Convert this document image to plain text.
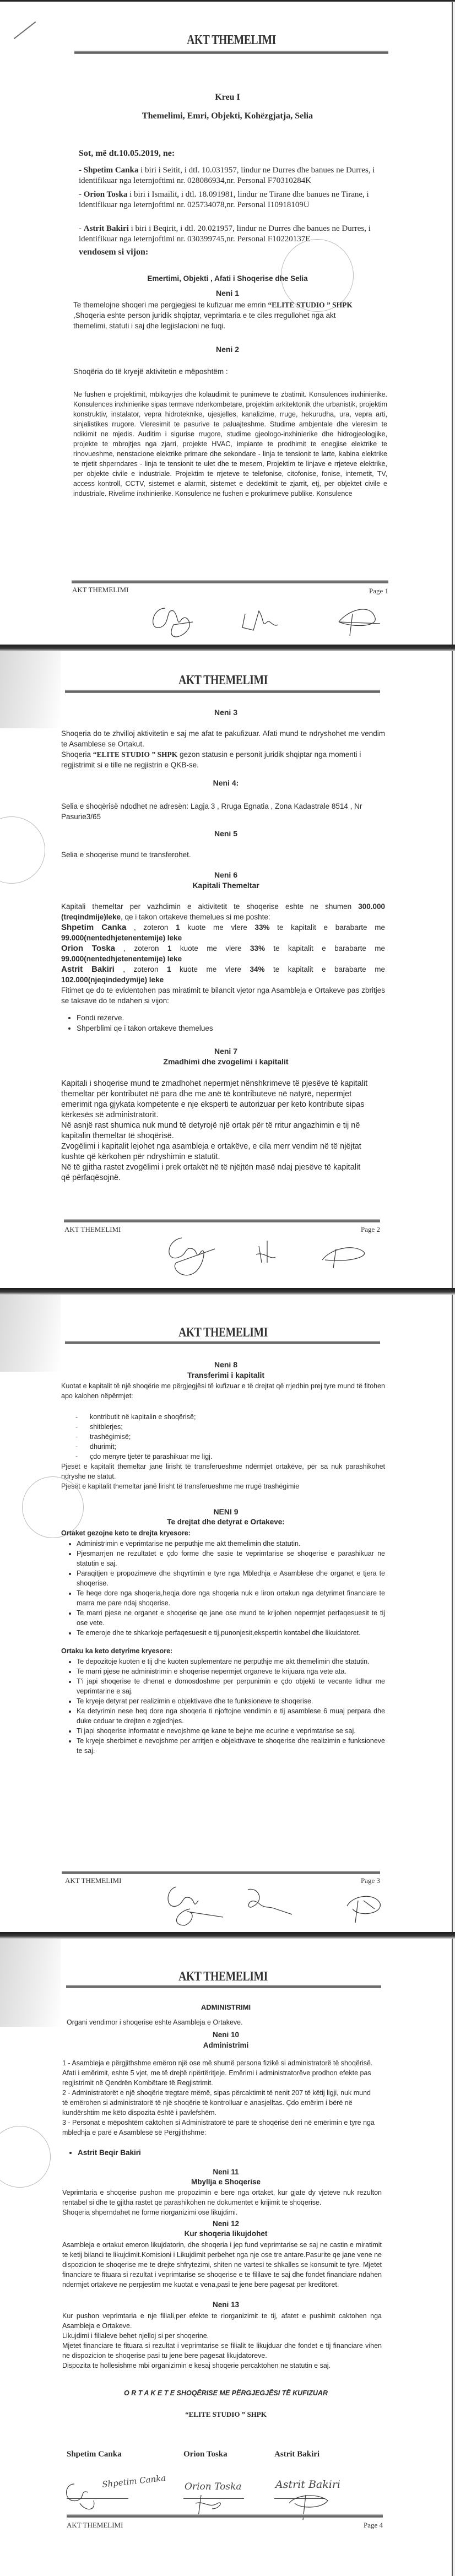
AKT THEMELIMI
Kreu I
Themelimi, Emri, Objekti, Kohëzgjatja, Selia
Sot, më dt.10.05.2019, ne:
- Shpetim Canka i biri i Seitit, i dtl. 10.031957, lindur ne Durres dhe banues ne Durres, i identifikuar nga leternjoftimi nr. 028086934,nr. Personal F70310284K
- Orion Toska i biri i Ismailit, i dtl. 18.091981, lindur ne Tirane dhe banues ne Tirane, i identifikuar nga leternjoftimi nr. 025734078,nr. Personal I10918109U
- Astrit Bakiri i biri i Beqirit, i dtl. 20.021957, lindur ne Durres dhe banues ne Durres, i identifikuar nga leternjoftimi nr. 030399745,nr. Personal F10220137E
vendosem si vijon:
Emertimi, Objekti , Afati i Shoqerise dhe Selia
Neni 1
Te themelojne shoqeri me pergjegjesi te kufizuar me emrin “ELITE STUDIO ” SHPK ,Shoqeria eshte person juridik shqiptar, veprimtaria e te ciles rregullohet nga akt themelimi, statuti i saj dhe legjislacioni ne fuqi.
Neni 2
Shoqëria do të kryejë aktivitetin e mëposhtëm :
Ne fushen e projektimit, mbikqyrjes dhe kolaudimit te punimeve te zbatimit. Konsulences inxhinierike. Konsulences inxhinierike sipas termave nderkombetare, projektim arkitektonik dhe urbanistik, projektim konstruktiv, instalator, vepra hidroteknike, ujesjelles, kanalizime, rruge, hekurudha, ura, vepra arti, sinjalistikes rrugore. Vleresimit te pasurive te paluajteshme. Studime ambjentale dhe vleresim te ndikimit ne mjedis. Auditim i sigurise rrugore, studime gjeologo-inxhinierike dhe hidrogjeologjike, projekte te mbrojtjes nga zjarri, projekte HVAC, impiante te prodhimit te enegjise elektrike te rinovueshme, nenstacione elektrike primare dhe sekondare - linja te tensionit te larte, kabina elektrike te rrjetit shperndares - linja te tensionit te ulet dhe te mesem, Projektim te linjave e rrjeteve elektrike, per objekte civile e industriale. Projektim te rrjeteve te telefonise, citofonise, fonise, internetit, TV, access kontroll, CCTV, sistemet e alarmit, sistemet e dedektimit te zjarrit, etj, per objektet civile e industriale. Rivelime inxhinierike. Konsulence ne fushen e prokurimeve publike. Konsulence
AKT THEMELIMI	Page 1
AKT THEMELIMI
Neni 3
Shoqeria do te zhvilloj aktivitetin e saj me afat te pakufizuar. Afati mund te ndryshohet me vendim te Asamblese se Ortakut.
Shoqeria “ELITE STUDIO ” SHPK gezon statusin e personit juridik shqiptar nga momenti i regjistrimit si e tille ne regjistrin e QKB-se.
Neni 4:
Selia e shoqërisë ndodhet ne adresën: Lagja 3 , Rruga Egnatia , Zona Kadastrale 8514 , Nr Pasurie3/65
Neni 5
Selia e shoqerise mund te transferohet.
Neni 6
Kapitali Themeltar
Kapitali themeltar per vazhdimin e aktivitetit te shoqerise eshte ne shumen 300.000 (treqindmije)leke, qe i takon ortakeve themelues si me poshte:
Shpetim Canka , zoteron 1 kuote me vlere 33% te kapitalit e barabarte me 99.000(nentedhjetenentemije) leke
Orion Toska , zoteron 1 kuote me vlere 33% te kapitalit e barabarte me 99.000(nentedhjetenentemije) leke
Astrit Bakiri , zoteron 1 kuote me vlere 34% te kapitalit e barabarte me 102.000(njeqindedymije) leke
Fitimet qe do te evidentohen pas miratimit te bilancit vjetor nga Asambleja e Ortakeve pas zbritjes se taksave do te ndahen si vijon:
• Fondi rezerve.
• Shperblimi qe i takon ortakeve themelues
Neni 7
Zmadhimi dhe zvogelimi i kapitalit
Kapitali i shoqerise mund te zmadhohet nepermjet nënshkrimeve të pjesëve të kapitalit themeltar për kontributet në para dhe me anë të kontributeve në natyrë, nepermjet emerimit nga gjykata kompetente e nje eksperti te autorizuar per keto kontribute sipas kërkesës së administratorit.
Në asnjë rast shumica nuk mund të detyrojë një ortak për të rritur angazhimin e tij në kapitalin themeltar të shoqërisë.
Zvogëlimi i kapitalit lejohet nga asambleja e ortakëve, e cila merr vendim në të njëjtat kushte që kërkohen për ndryshimin e statutit.
Në të gjitha rastet zvogëlimi i prek ortakët në të njëjtën masë ndaj pjesëve të kapitalit që përfaqësojnë.
AKT THEMELIMI	Page 2
AKT THEMELIMI
Neni 8
Transferimi i kapitalit
Kuotat e kapitalit të një shoqërie me përgjegjësi të kufizuar e të drejtat që rrjedhin prej tyre mund të fitohen apo kalohen nëpërmjet:
- kontributit në kapitalin e shoqërisë;
- shitblerjes;
- trashëgimisë;
- dhurimit;
- çdo mënyre tjetër të parashikuar me ligj.
Pjesët e kapitalit themeltar janë lirisht të transferueshme ndërmjet ortakëve, për sa nuk parashikohet ndryshe ne statut.
Pjesët e kapitalit themeltar janë lirisht të transferueshme me rrugë trashëgimie
NENI 9
Te drejtat dhe detyrat e Ortakeve:
Ortaket gezojne keto te drejta kryesore:
• Administrimin e veprimtarise ne perputhje me akt themelimin dhe statutin.
• Pjesmarrjen ne rezultatet e çdo forme dhe sasie te veprimtarise se shoqerise e parashikuar ne statutin e saj.
• Paraqitjen e propozimeve dhe shqyrtimin e tyre nga Mbledhja e Asamblese dhe organet e tjera te shoqerise.
• Te heqe dore nga shoqeria,heqja dore nga shoqeria nuk e liron ortakun nga detyrimet financiare te marra me pare ndaj shoqerise.
• Te marri pjese ne organet e shoqerise qe jane ose mund te krijohen nepermjet perfaqesuesit te tij ose vete.
• Te emeroje dhe te shkarkoje perfaqesuesit e tij,punonjesit,ekspertin kontabel dhe likuidatoret.
Ortaku ka keto detyrime kryesore:
• Te depozitoje kuoten e tij dhe kuoten suplementare ne perputhje me akt themelimin dhe statutin.
• Te marri pjese ne administrimin e shoqerise nepermjet organeve te krijuara nga vete ata.
• T'i japi shoqerise te dhenat e domosdoshme per perpunimin e çdo objekti te vecante lidhur me veprimtarine e saj.
• Te kryeje detyrat per realizimin e objektivave dhe te funksioneve te shoqerise.
• Ka detyrimin nese heq dore nga shoqeria ti njoftojne vendimin e tij asamblese 6 muaj perpara dhe duke ceduar te drejten e zgjedhjes.
• Ti japi shoqerise informatat e nevojshme qe kane te bejne me ecurine e veprimtarise se saj.
• Te kryeje sherbimet e nevojshme per arritjen e objektivave te shoqerise dhe realizimin e funksioneve te saj.
AKT THEMELIMI	Page 3
AKT THEMELIMI
ADMINISTRIMI
Organi vendimor i shoqerise eshte Asambleja e Ortakeve.
Neni 10
Administrimi
1 - Asambleja e përgjithshme emëron një ose më shumë persona fizikë si administratorë të shoqërisë. Afati i emërimit, eshte 5 vjet, me të drejtë ripërtëritjeje. Emërimi i administratorëve prodhon efekte pas regjistrimit në Qendrën Kombëtare të Regjistrimit.
2 - Administratorët e një shoqërie tregtare mëmë, sipas përcaktimit të nenit 207 të këtij ligji, nuk mund të emërohen si administratorë të një shoqërie të kontrolluar e anasjelltas. Çdo emërim i bërë në kundërshtim me këto dispozita është i pavlefshëm.
3 - Personat e mëposhtëm caktohen si Administratorë të parë të shoqërisë deri në emërimin e tyre nga mbledhja e parë e Asamblesë së Përgjithshme:
• Astrit Beqir Bakiri
Neni 11
Mbyllja e Shoqerise
Veprimtaria e shoqerise pushon me propozimin e bere nga ortaket, kur gjate dy vjeteve nuk rezulton rentabel si dhe te gjitha rastet qe parashikohen ne dokumentet e krijimit te shoqerise.
Shoqeria shperndahet ne forme riorganizimi ose likujdimi.
Neni 12
Kur shoqeria likujdohet
Asambleja e ortakut emeron likujdatorin, dhe shoqeria i jep fund veprimtarise se saj ne castin e miratimit te ketij bilanci te likujdimit.Komisioni i Likujdimit perbehet nga nje ose tre antare.Pasurite qe jane vene ne dispozicion te shoqerise me te drejte shfrytezimi, shiten ne vartesi te shkalles se konsumit te tyre. Mjetet financiare te fituara si rezultat i veprimtarise se shoqerise e te fililave te saj dhe fondet financiare ndahen ndermjet ortakeve ne perpjestim me kuotat e vena,pasi te jene bere pagesat per kreditoret.
Neni 13
Kur pushon veprimtaria e nje filiali,per efekte te riorganizimit te tij, afatet e pushimit caktohen nga Asambleja e Ortakeve.
Likujdimi i filialeve behet njelloj si per shoqerine.
Mjetet financiare te fituara si rezultat i veprimtarise se filialit te likujduar dhe fondet e tij financiare vihen ne dispozicion te shoqerise pasi tu jene bere pagesat likujdatoreve.
Dispozita te hollesishme mbi organizimin e kesaj shoqerie percaktohen ne statutin e saj.
O R T A K E T E SHOQËRISE ME PËRGJEGJËSI TË KUFIZUAR
“ELITE STUDIO ” SHPK
Shpetim Canka	Orion Toska	Astrit Bakiri
Shpetim Canka Orion Toska	Astrit Bakiri
AKT THEMELIMI	Page 4
